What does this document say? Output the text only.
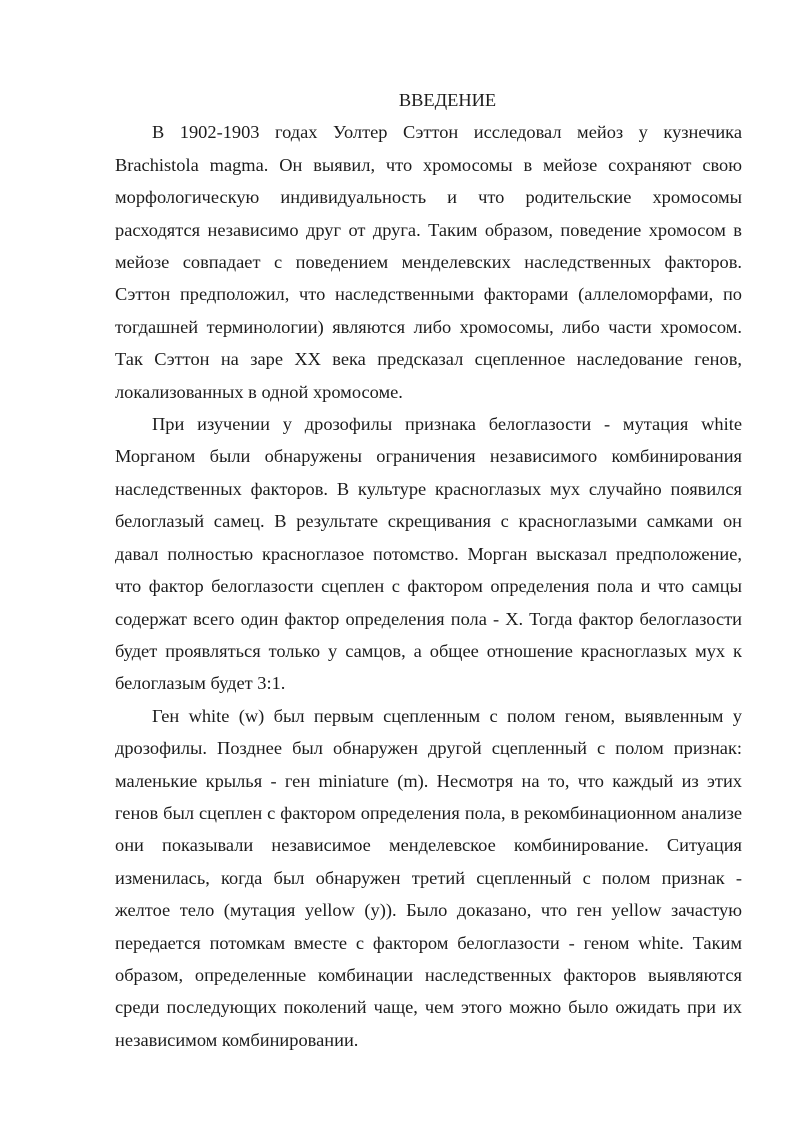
ВВЕДЕНИЕ

В 1902-1903 годах Уолтер Сэттон исследовал мейоз у кузнечика Brachistola magma. Он выявил, что хромосомы в мейозе сохраняют свою морфологическую индивидуальность и что родительские хромосомы расходятся независимо друг от друга. Таким образом, поведение хромосом в мейозе совпадает с поведением менделевских наследственных факторов. Сэттон предположил, что наследственными факторами (аллеломорфами, по тогдашней терминологии) являются либо хромосомы, либо части хромосом. Так Сэттон на заре XX века предсказал сцепленное наследование генов, локализованных в одной хромосоме.

При изучении у дрозофилы признака белоглазости - мутация white Морганом были обнаружены ограничения независимого комбинирования наследственных факторов. В культуре красноглазых мух случайно появился белоглазый самец. В результате скрещивания с красноглазыми самками он давал полностью красноглазое потомство. Морган высказал предположение, что фактор белоглазости сцеплен с фактором определения пола и что самцы содержат всего один фактор определения пола - X. Тогда фактор белоглазости будет проявляться только у самцов, а общее отношение красноглазых мух к белоглазым будет 3:1.

Ген white (w) был первым сцепленным с полом геном, выявленным у дрозофилы. Позднее был обнаружен другой сцепленный с полом признак: маленькие крылья - ген miniature (m). Несмотря на то, что каждый из этих генов был сцеплен с фактором определения пола, в рекомбинационном анализе они показывали независимое менделевское комбинирование. Ситуация изменилась, когда был обнаружен третий сцепленный с полом признак - желтое тело (мутация yellow (y)). Было доказано, что ген yellow зачастую передается потомкам вместе с фактором белоглазости - геном white. Таким образом, определенные комбинации наследственных факторов выявляются среди последующих поколений чаще, чем этого можно было ожидать при их независимом комбинировании.
